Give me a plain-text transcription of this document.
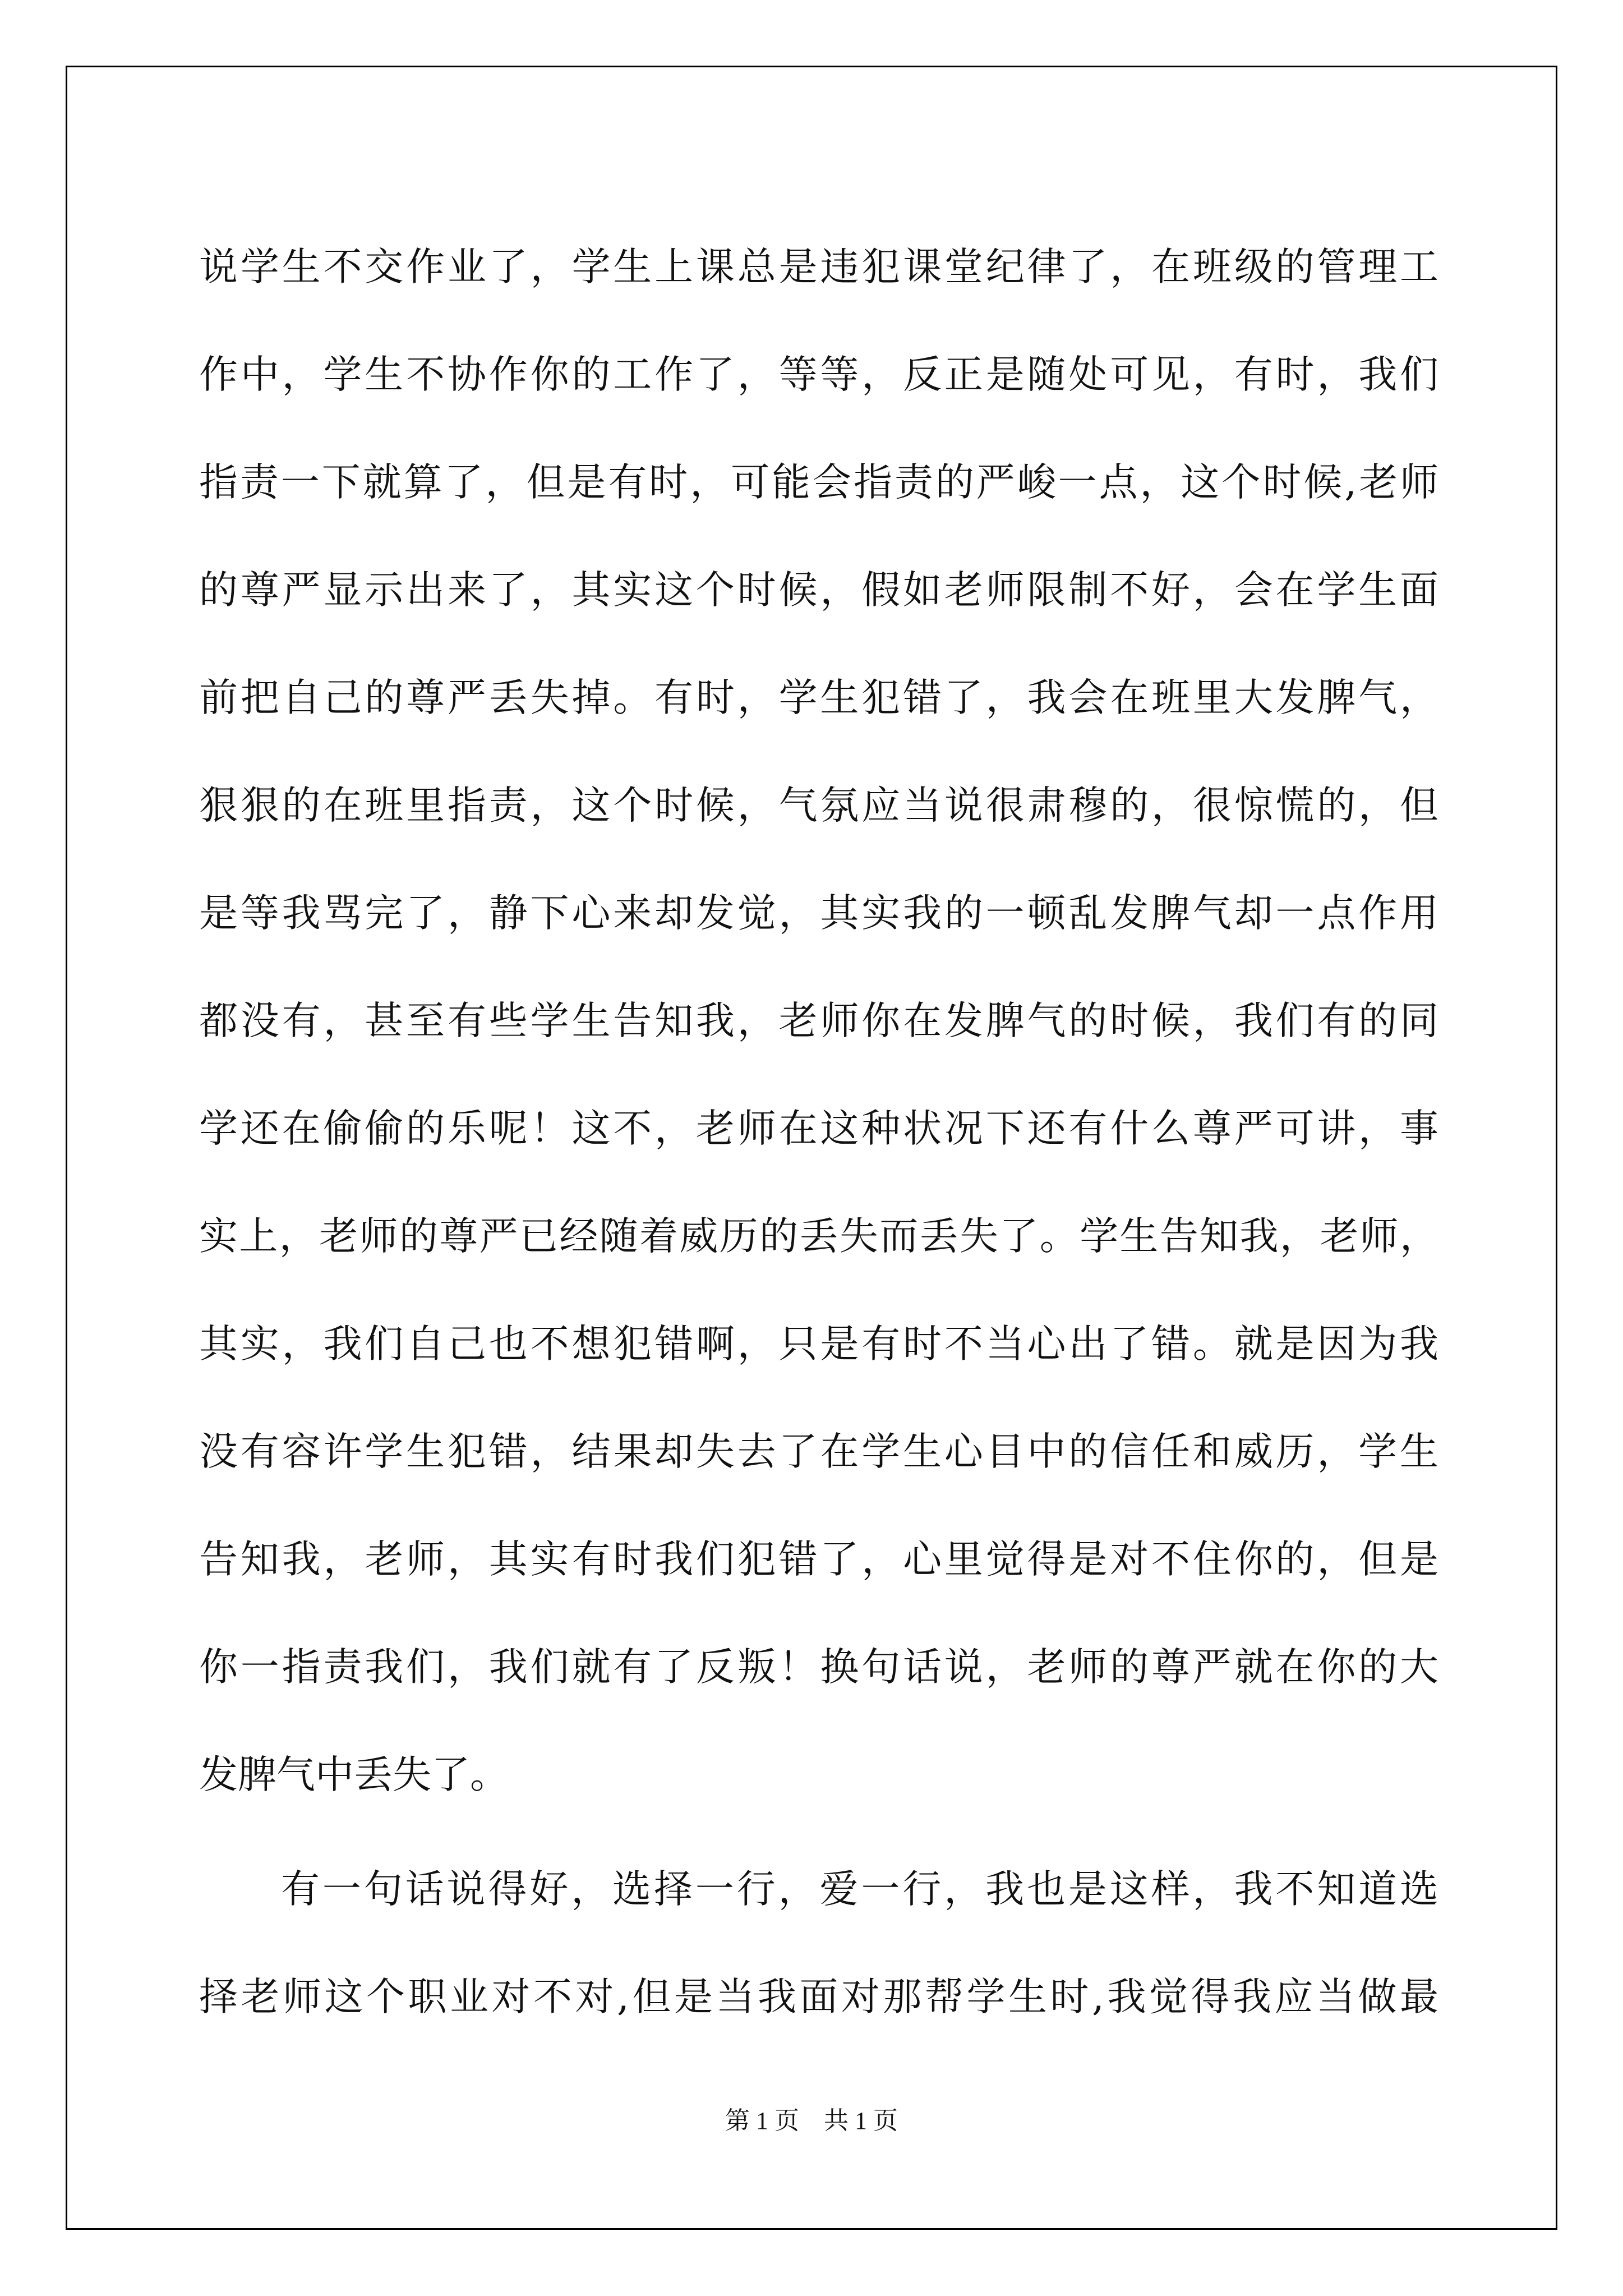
说学生不交作业了，学生上课总是违犯课堂纪律了，在班级的管理工
作中，学生不协作你的工作了，等等，反正是随处可见，有时，我们
指责一下就算了，但是有时，可能会指责的严峻一点，这个时候,老师
的尊严显示出来了，其实这个时候，假如老师限制不好，会在学生面
前把自己的尊严丢失掉。有时，学生犯错了，我会在班里大发脾气，
狠狠的在班里指责，这个时候，气氛应当说很肃穆的，很惊慌的，但
是等我骂完了，静下心来却发觉，其实我的一顿乱发脾气却一点作用
都没有，甚至有些学生告知我，老师你在发脾气的时候，我们有的同
学还在偷偷的乐呢！这不，老师在这种状况下还有什么尊严可讲，事
实上，老师的尊严已经随着威历的丢失而丢失了。学生告知我，老师，
其实，我们自己也不想犯错啊，只是有时不当心出了错。就是因为我
没有容许学生犯错，结果却失去了在学生心目中的信任和威历，学生
告知我，老师，其实有时我们犯错了，心里觉得是对不住你的，但是
你一指责我们，我们就有了反叛！换句话说，老师的尊严就在你的大
发脾气中丢失了。
有一句话说得好，选择一行，爱一行，我也是这样，我不知道选
择老师这个职业对不对,但是当我面对那帮学生时,我觉得我应当做最
第 1 页　共 1 页
